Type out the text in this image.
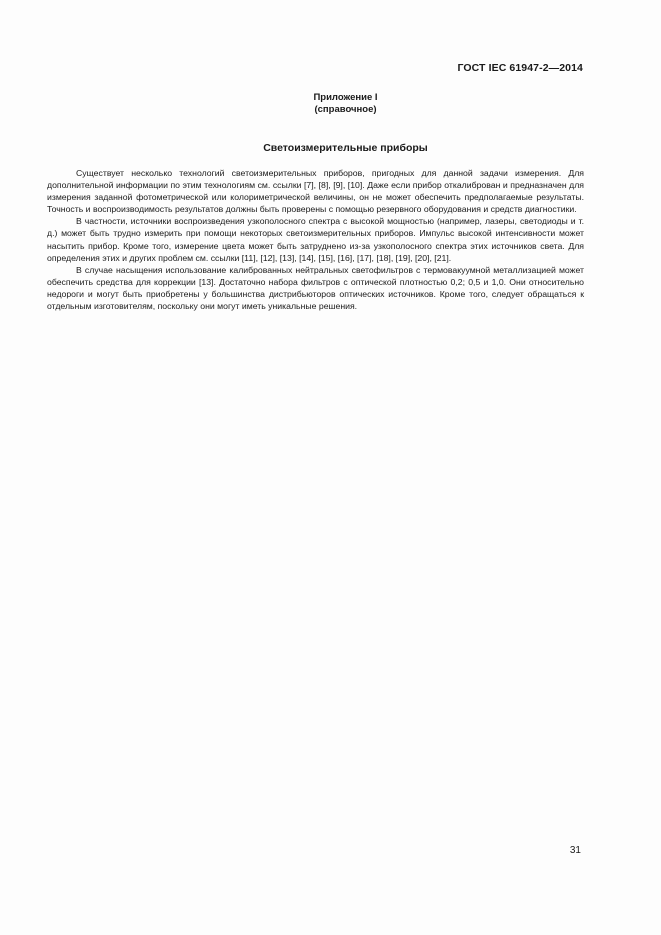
ГОСТ IEC 61947-2—2014
Приложение I
(справочное)
Светоизмерительные приборы

Существует несколько технологий светоизмерительных приборов, пригодных для данной задачи измерения. Для дополнительной информации по этим технологиям см. ссылки [7], [8], [9], [10]. Даже если прибор откалиброван и предназначен для измерения заданной фотометрической или колориметрической величины, он не может обеспечить предполагаемые результаты. Точность и воспроизводимость результатов должны быть проверены с помощью резервного оборудования и средств диагностики.

В частности, источники воспроизведения узкополосного спектра с высокой мощностью (например, лазеры, светодиоды и т. д.) может быть трудно измерить при помощи некоторых светоизмерительных приборов. Импульс высокой интенсивности может насытить прибор. Кроме того, измерение цвета может быть затруднено из-за узкополосного спектра этих источников света. Для определения этих и других проблем см. ссылки [11], [12], [13], [14], [15], [16], [17], [18], [19], [20], [21].

В случае насыщения использование калиброванных нейтральных светофильтров с термовакуумной металлизацией может обеспечить средства для коррекции [13]. Достаточно набора фильтров с оптической плотностью 0,2; 0,5 и 1,0. Они относительно недороги и могут быть приобретены у большинства дистрибьюторов оптических источников. Кроме того, следует обращаться к отдельным изготовителям, поскольку они могут иметь уникальные решения.

31
